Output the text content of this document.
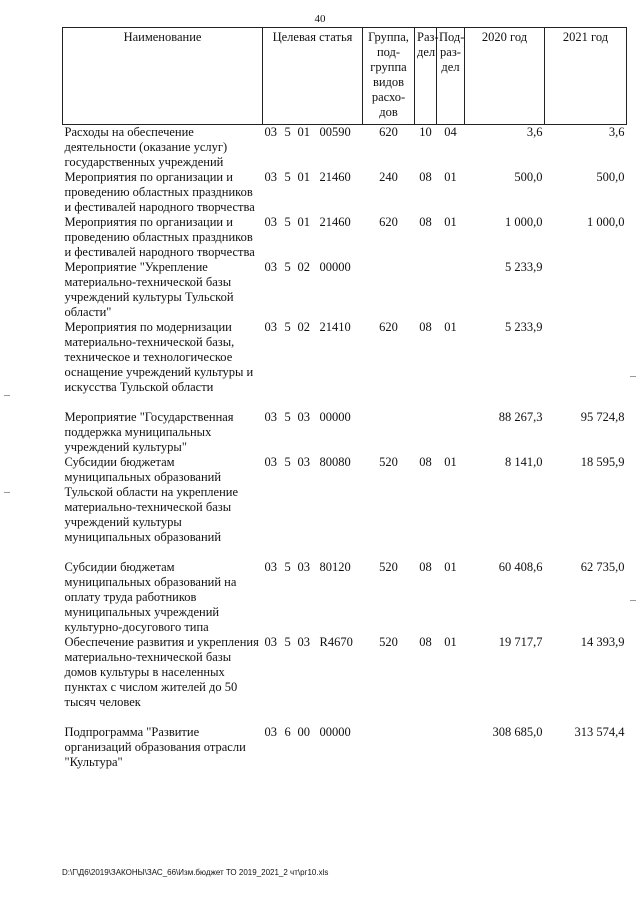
40
Наименование	Целевая статья	Группа, под- группа видов расхо- дов	Раз- дел	Под- раз- дел	2020 год	2021 год
Расходы на обеспечение деятельности (оказание услуг) государственных учреждений	03 5 01 00590	620	10	04	3,6	3,6
Мероприятия по организации и проведению областных праздников и фестивалей народного творчества	03 5 01 21460	240	08	01	500,0	500,0
Мероприятия по организации и проведению областных праздников и фестивалей народного творчества	03 5 01 21460	620	08	01	1 000,0	1 000,0
Мероприятие "Укрепление материально-технической базы учреждений культуры Тульской области"	03 5 02 00000				5 233,9	
Мероприятия по модернизации материально-технической базы, техническое и технологическое оснащение учреждений культуры и искусства Тульской области	03 5 02 21410	620	08	01	5 233,9	

Мероприятие "Государственная поддержка муниципальных учреждений культуры"	03 5 03 00000				88 267,3	95 724,8
Субсидии бюджетам муниципальных образований Тульской области на укрепление материально-технической базы учреждений культуры муниципальных образований	03 5 03 80080	520	08	01	8 141,0	18 595,9

Субсидии бюджетам муниципальных образований на оплату труда работников муниципальных учреждений культурно-досугового типа	03 5 03 80120	520	08	01	60 408,6	62 735,0
Обеспечение развития и укрепления материально-технической базы домов культуры в населенных пунктах с числом жителей до 50 тысяч человек	03 5 03 R4670	520	08	01	19 717,7	14 393,9

Подпрограмма "Развитие организаций образования отрасли "Культура"	03 6 00 00000				308 685,0	313 574,4
D:\Г\Д6\2019\ЗАКОНЫ\ЗАС_66\Изм.бюджет ТО 2019_2021_2 чт\рг10.xls
